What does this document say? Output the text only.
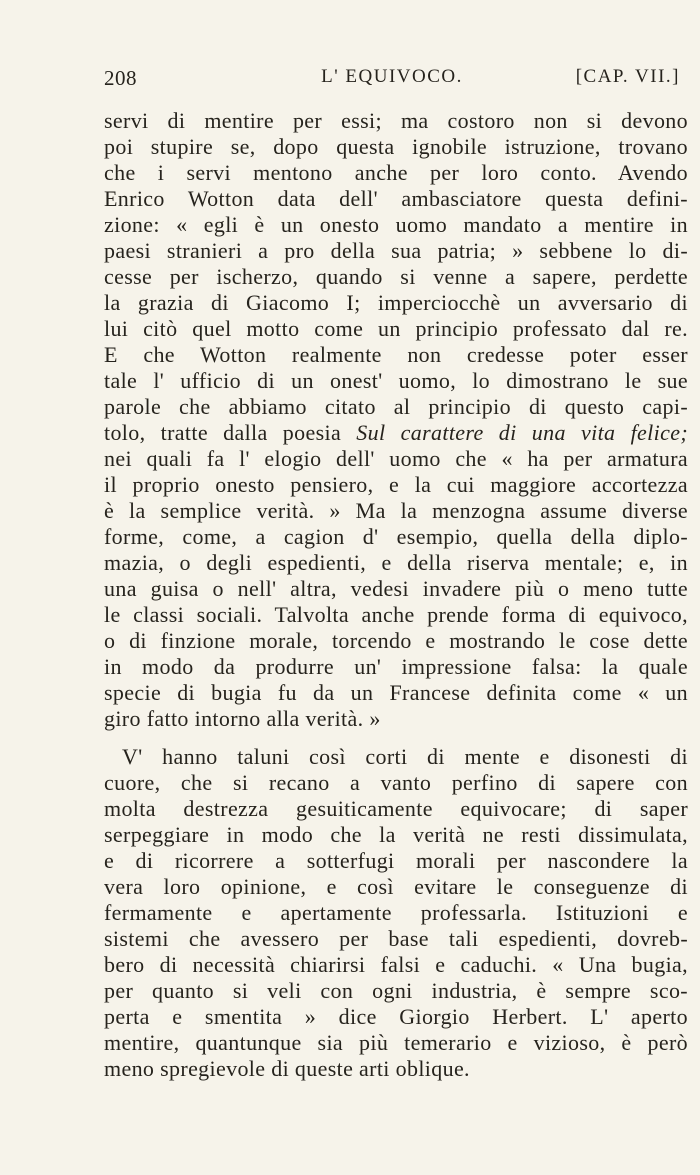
208	L' EQUIVOCO.	[CAP. VII.]
servi di mentire per essi; ma costoro non si devono
poi stupire se, dopo questa ignobile istruzione, trovano
che i servi mentono anche per loro conto. Avendo
Enrico Wotton data dell' ambasciatore questa defini-
zione: « egli è un onesto uomo mandato a mentire in
paesi stranieri a pro della sua patria; » sebbene lo di-
cesse per ischerzo, quando si venne a sapere, perdette
la grazia di Giacomo I; imperciocchè un avversario di
lui citò quel motto come un principio professato dal re.
E che Wotton realmente non credesse poter esser
tale l' ufficio di un onest' uomo, lo dimostrano le sue
parole che abbiamo citato al principio di questo capi-
tolo, tratte dalla poesia Sul carattere di una vita felice;
nei quali fa l' elogio dell' uomo che « ha per armatura
il proprio onesto pensiero, e la cui maggiore accortezza
è la semplice verità. » Ma la menzogna assume diverse
forme, come, a cagion d' esempio, quella della diplo-
mazia, o degli espedienti, e della riserva mentale; e, in
una guisa o nell' altra, vedesi invadere più o meno tutte
le classi sociali. Talvolta anche prende forma di equivoco,
o di finzione morale, torcendo e mostrando le cose dette
in modo da produrre un' impressione falsa: la quale
specie di bugia fu da un Francese definita come « un
giro fatto intorno alla verità. »
V' hanno taluni così corti di mente e disonesti di
cuore, che si recano a vanto perfino di sapere con
molta destrezza gesuiticamente equivocare; di saper
serpeggiare in modo che la verità ne resti dissimulata,
e di ricorrere a sotterfugi morali per nascondere la
vera loro opinione, e così evitare le conseguenze di
fermamente e apertamente professarla. Istituzioni e
sistemi che avessero per base tali espedienti, dovreb-
bero di necessità chiarirsi falsi e caduchi. « Una bugia,
per quanto si veli con ogni industria, è sempre sco-
perta e smentita » dice Giorgio Herbert. L' aperto
mentire, quantunque sia più temerario e vizioso, è però
meno spregievole di queste arti oblique.
